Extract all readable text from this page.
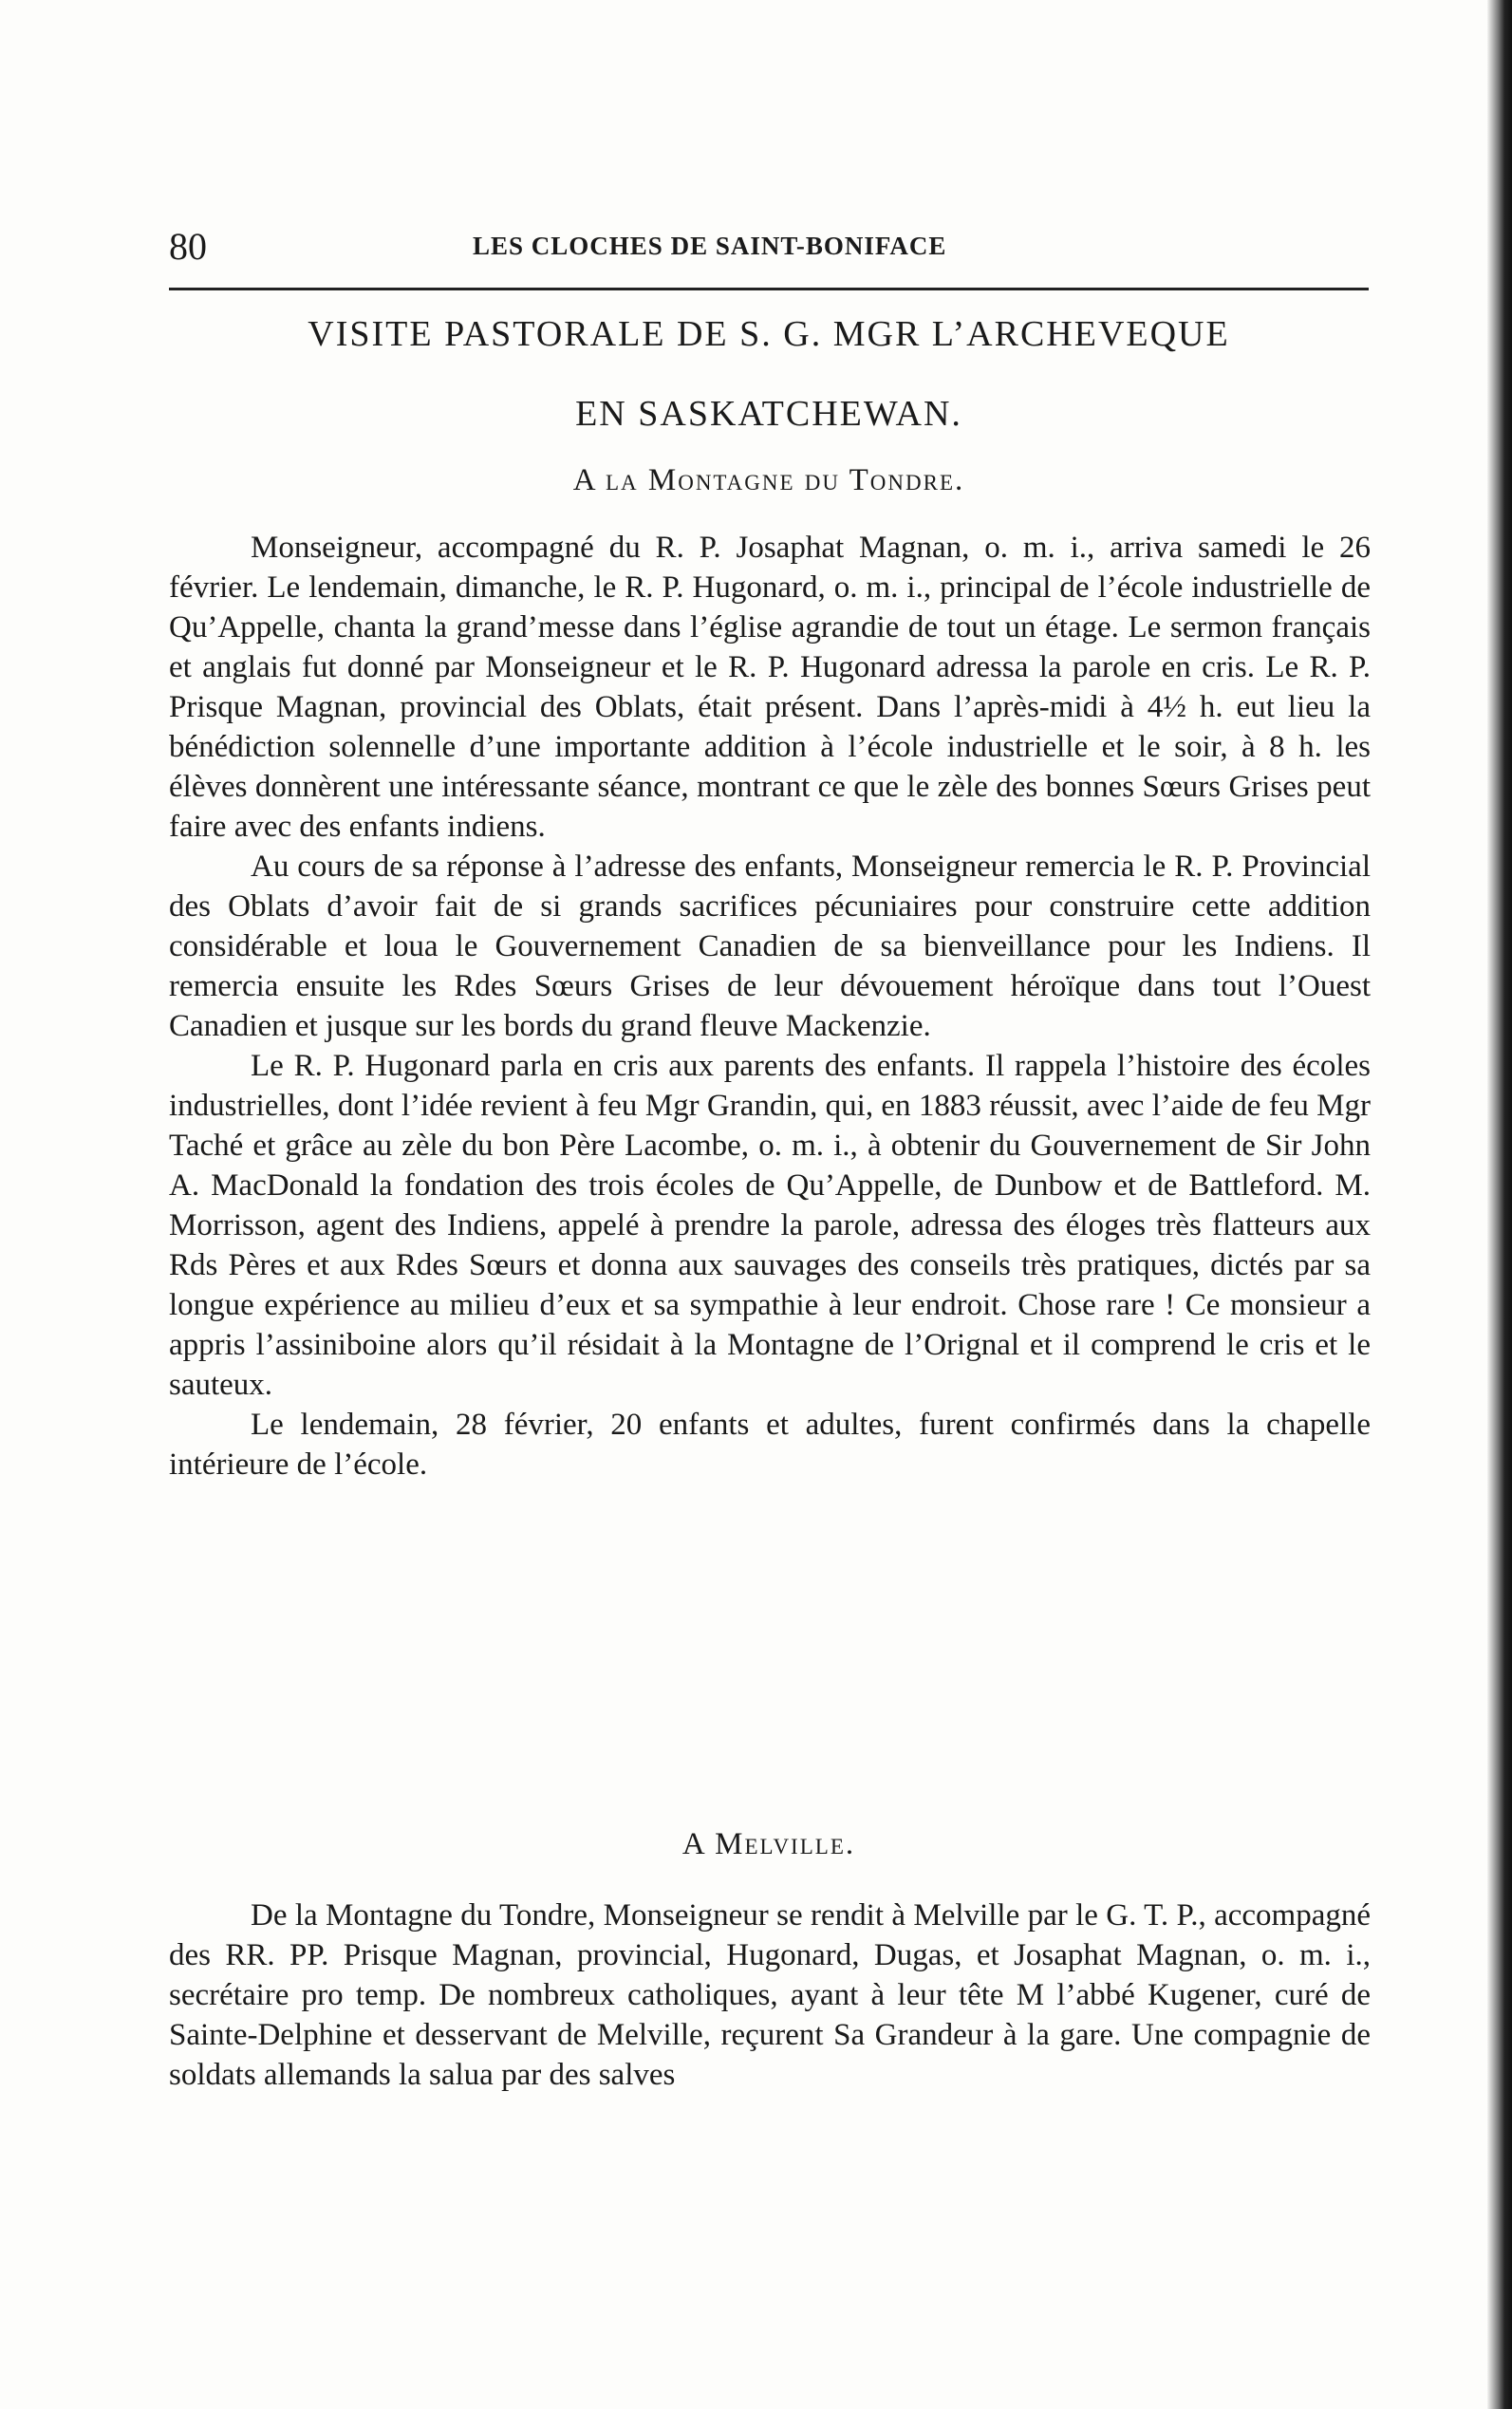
80	LES CLOCHES DE SAINT-BONIFACE
VISITE PASTORALE DE S. G. MGR L’ARCHEVEQUE
EN SASKATCHEWAN.
A la Montagne du Tondre.

Monseigneur, accompagné du R. P. Josaphat Magnan, o. m. i., arriva samedi le 26 février. Le lendemain, dimanche, le R. P. Hugonard, o. m. i., principal de l’école industrielle de Qu’Appelle, chanta la grand’messe dans l’église agrandie de tout un étage. Le sermon français et anglais fut donné par Monseigneur et le R. P. Hugonard adressa la parole en cris. Le R. P. Prisque Magnan, provincial des Oblats, était présent. Dans l’après-midi à 4½ h. eut lieu la bénédiction solennelle d’une importante addition à l’école industrielle et le soir, à 8 h. les élèves donnèrent une intéressante séance, montrant ce que le zèle des bonnes Sœurs Grises peut faire avec des enfants indiens.

Au cours de sa réponse à l’adresse des enfants, Monseigneur remercia le R. P. Provincial des Oblats d’avoir fait de si grands sacrifices pécuniaires pour construire cette addition considérable et loua le Gouvernement Canadien de sa bienveillance pour les Indiens. Il remercia ensuite les Rdes Sœurs Grises de leur dévouement héroïque dans tout l’Ouest Canadien et jusque sur les bords du grand fleuve Mackenzie.

Le R. P. Hugonard parla en cris aux parents des enfants. Il rappela l’histoire des écoles industrielles, dont l’idée revient à feu Mgr Grandin, qui, en 1883 réussit, avec l’aide de feu Mgr Taché et grâce au zèle du bon Père Lacombe, o. m. i., à obtenir du Gouvernement de Sir John A. MacDonald la fondation des trois écoles de Qu’Appelle, de Dunbow et de Battleford. M. Morrisson, agent des Indiens, appelé à prendre la parole, adressa des éloges très flatteurs aux Rds Pères et aux Rdes Sœurs et donna aux sauvages des conseils très pratiques, dictés par sa longue expérience au milieu d’eux et sa sympathie à leur endroit. Chose rare ! Ce monsieur a appris l’assiniboine alors qu’il résidait à la Montagne de l’Orignal et il comprend le cris et le sauteux.

Le lendemain, 28 février, 20 enfants et adultes, furent confirmés dans la chapelle intérieure de l’école.

A Melville.

De la Montagne du Tondre, Monseigneur se rendit à Melville par le G. T. P., accompagné des RR. PP. Prisque Magnan, provincial, Hugonard, Dugas, et Josaphat Magnan, o. m. i., secrétaire pro temp. De nombreux catholiques, ayant à leur tête M l’abbé Kugener, curé de Sainte-Delphine et desservant de Melville, reçurent Sa Grandeur à la gare. Une compagnie de soldats allemands la salua par des salves
